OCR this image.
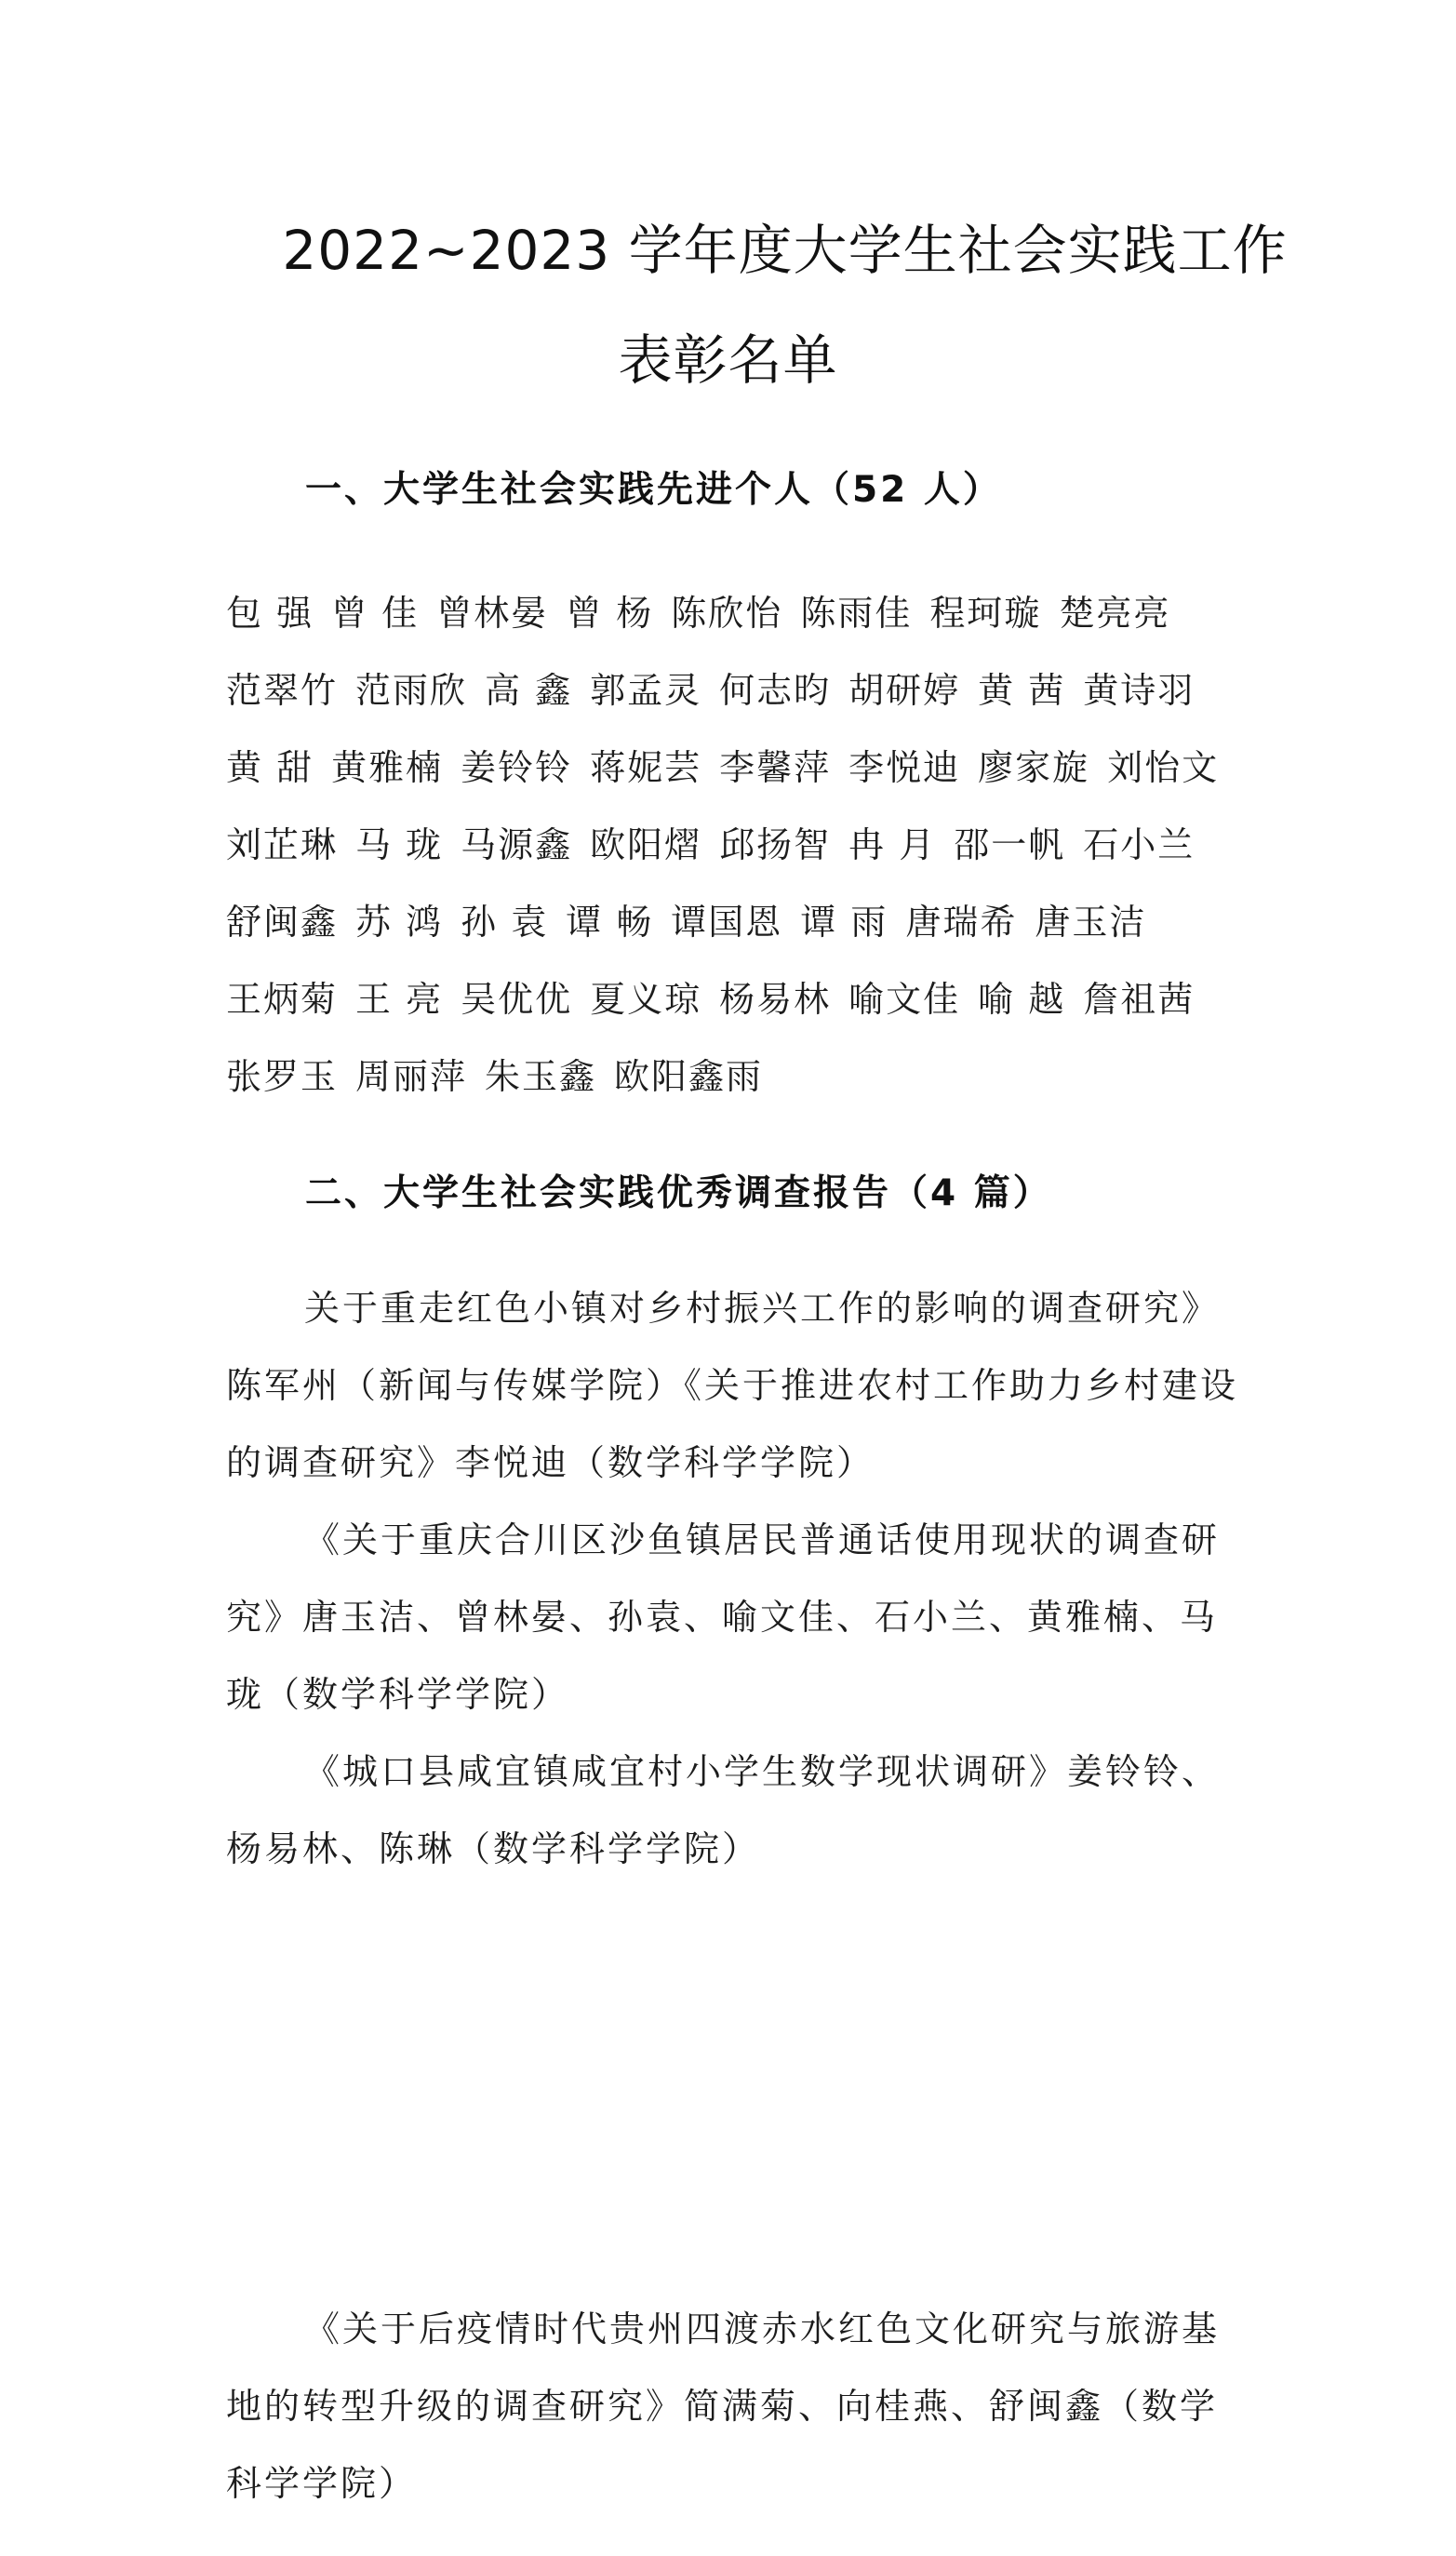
2022~2023 学年度大学生社会实践工作
表彰名单
一、大学生社会实践先进个人（52 人）
包 强 曾 佳 曾林晏 曾 杨 陈欣怡 陈雨佳 程珂璇 楚亮亮
范翠竹 范雨欣 高 鑫 郭孟灵 何志昀 胡研婷 黄 茜 黄诗羽
黄 甜 黄雅楠 姜铃铃 蒋妮芸 李馨萍 李悦迪 廖家旋 刘怡文
刘芷琳 马 珑 马源鑫 欧阳熠 邱扬智 冉 月 邵一帆 石小兰
舒闽鑫 苏 鸿 孙 袁 谭 畅 谭国恩 谭 雨 唐瑞希 唐玉洁
王炳菊 王 亮 吴优优 夏义琼 杨易林 喻文佳 喻 越 詹祖茜
张罗玉 周丽萍 朱玉鑫 欧阳鑫雨
二、大学生社会实践优秀调查报告（4 篇）

关于重走红色小镇对乡村振兴工作的影响的调查研究》陈军州（新闻与传媒学院）《关于推进农村工作助力乡村建设的调查研究》李悦迪（数学科学学院）

《关于重庆合川区沙鱼镇居民普通话使用现状的调查研究》唐玉洁、曾林晏、孙袁、喻文佳、石小兰、黄雅楠、马珑（数学科学学院）

《城口县咸宜镇咸宜村小学生数学现状调研》姜铃铃、杨易林、陈琳（数学科学学院）

《关于后疫情时代贵州四渡赤水红色文化研究与旅游基地的转型升级的调查研究》简满菊、向桂燕、舒闽鑫（数学科学学院）
